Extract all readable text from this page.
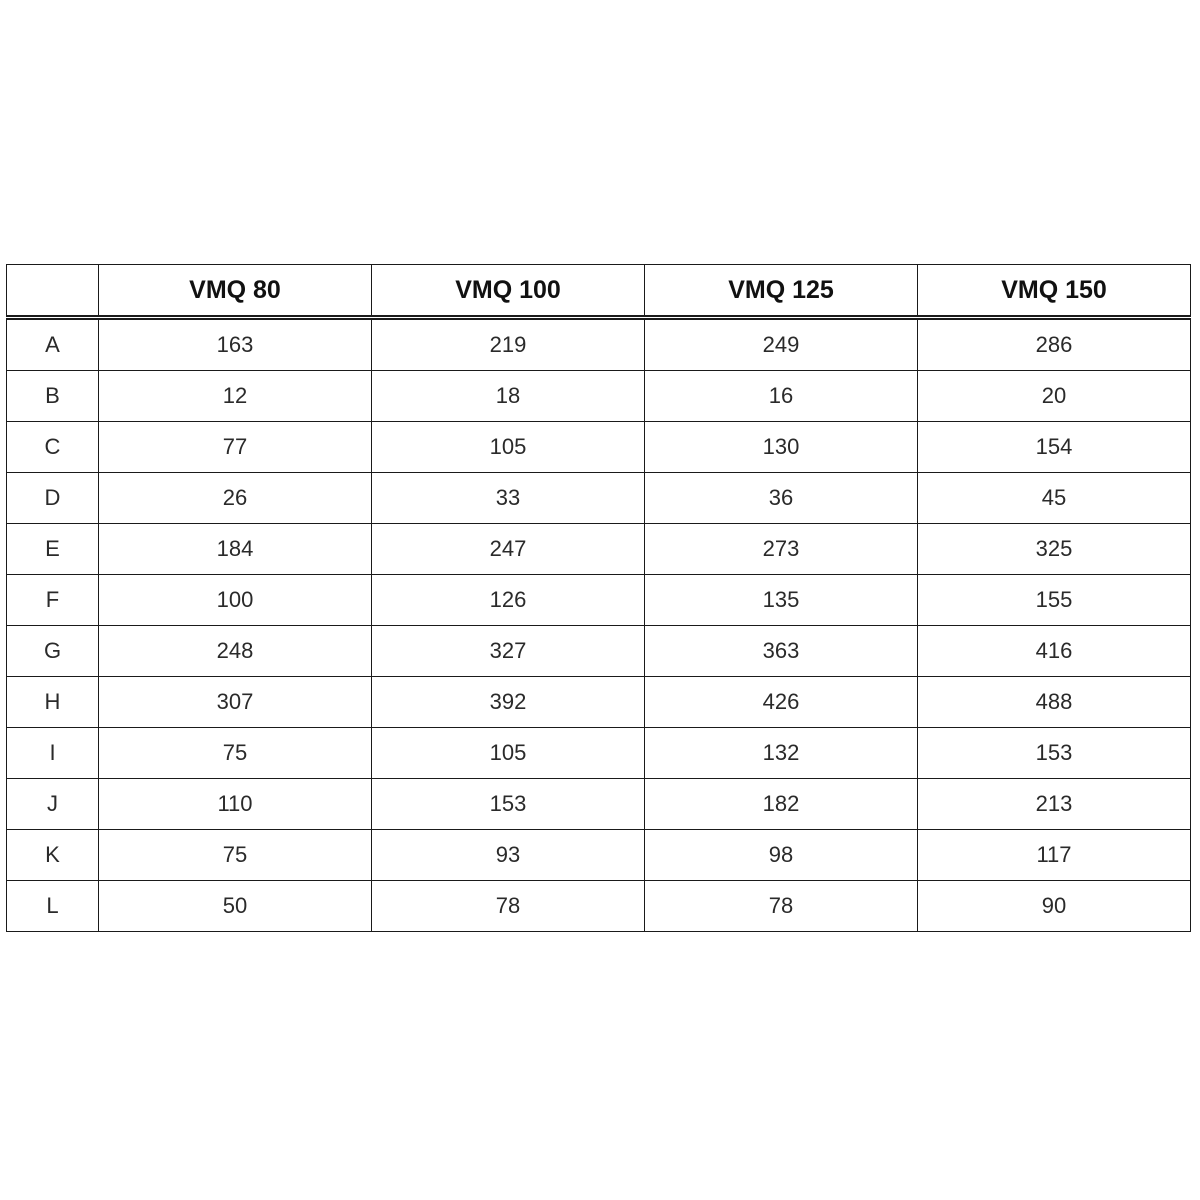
	VMQ 80	VMQ 100	VMQ 125	VMQ 150
A	163	219	249	286
B	12	18	16	20
C	77	105	130	154
D	26	33	36	45
E	184	247	273	325
F	100	126	135	155
G	248	327	363	416
H	307	392	426	488
I	75	105	132	153
J	110	153	182	213
K	75	93	98	117
L	50	78	78	90
